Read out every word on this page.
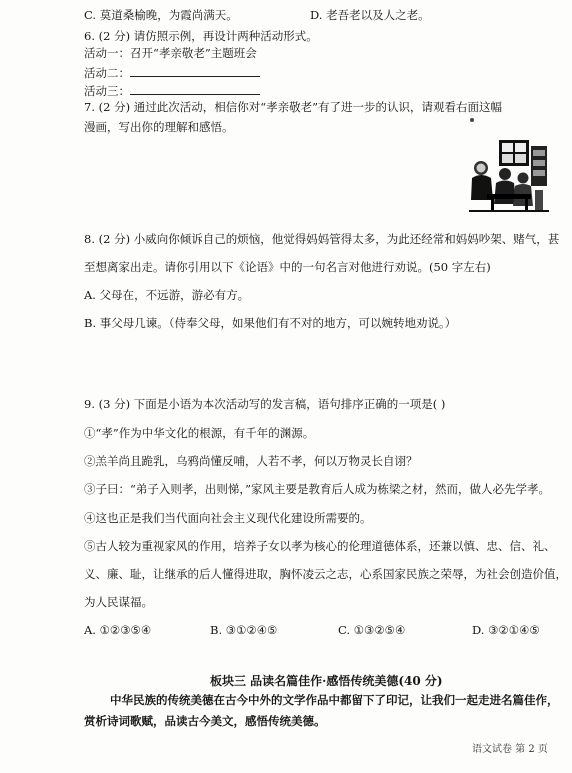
C. 莫道桑榆晚，为霞尚满天。	D. 老吾老以及人之老。
6. (2 分) 请仿照示例，再设计两种活动形式。
活动一：召开“孝亲敬老”主题班会
活动二：
活动三：
7. (2 分) 通过此次活动，相信你对“孝亲敬老”有了进一步的认识，请观看右面这幅
漫画，写出你的理解和感悟。
8. (2 分) 小威向你倾诉自己的烦恼，他觉得妈妈管得太多，为此还经常和妈妈吵架、赌气，甚
至想离家出走。请你引用以下《论语》中的一句名言对他进行劝说。(50 字左右)
A. 父母在，不远游，游必有方。
B. 事父母几谏。（侍奉父母，如果他们有不对的地方，可以婉转地劝说。）
9. (3 分) 下面是小语为本次活动写的发言稿，语句排序正确的一项是( )
①“孝”作为中华文化的根源，有千年的渊源。
②羔羊尚且跪乳，乌鸦尚懂反哺，人若不孝，何以万物灵长自诩？
③子曰：“弟子入则孝，出则悌，”家风主要是教育后人成为栋梁之材，然而，做人必先学孝。
④这也正是我们当代面向社会主义现代化建设所需要的。
⑤古人较为重视家风的作用，培养子女以孝为核心的伦理道德体系，还兼以慎、忠、信、礼、
义、廉、耻，让继承的后人懂得进取，胸怀凌云之志，心系国家民族之荣辱，为社会创造价值，
为人民谋福。
A. ①②③⑤④	B. ③①②④⑤	C. ①③②⑤④	D. ③②①④⑤
板块三 品读名篇佳作·感悟传统美德(40 分)
中华民族的传统美德在古今中外的文学作品中都留下了印记，让我们一起走进名篇佳作，
赏析诗词歌赋，品读古今美文，感悟传统美德。
语文试卷 第 2 页
